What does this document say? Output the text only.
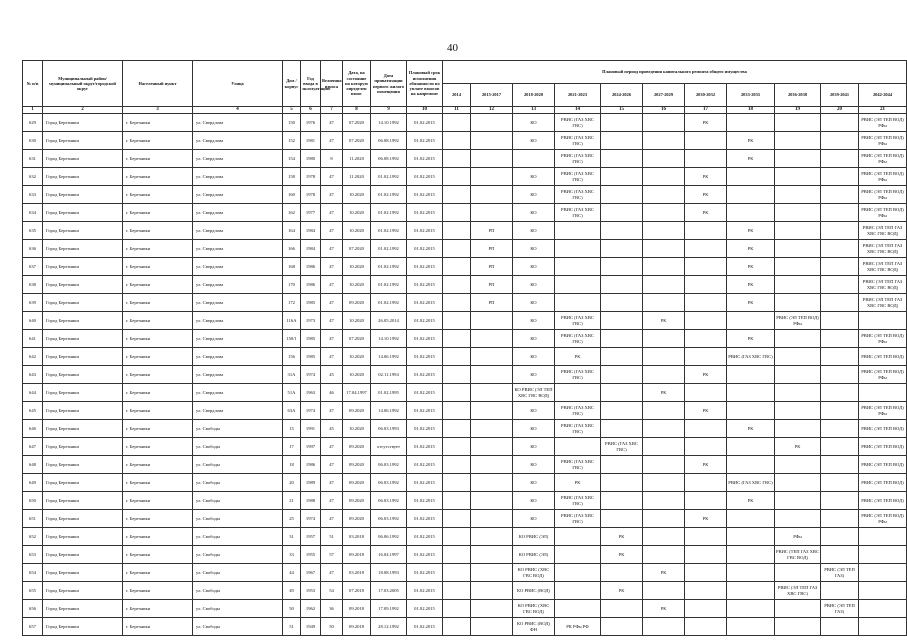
40
№ п/п	Муниципальный район/ муниципальный округ/городской округ	Населенный пункт	Улица	Дом / корпус	Год ввода в эксплуатацию	Величина износа	Дата, на состояние на которую определен износ	Дата приватизации первого жилого помещения	Плановый срок исполнения обязанности по уплате взносов на капремонт	Плановый период проведения капитального ремонта общего имущества										
										2014	2015-2017	2018-2020	2021-2023	2024-2026	2027-2029	2030-2032	2033-2035	2036-2038	2039-2041	2042-2044
1	2	3	4	5	6	7	8	9	10	11	12	13	14	15	16	17	18	19	20	21
629	Город Березники	г. Березники	ул. Свердлова	150	1976	47	07.2020	14.10.1992	01.02.2015			КО	РВИС (ГАЗ ХВС ГВС)			РК				РВИС (ЭЛ ТЕП ВОД) РФн
630	Город Березники	г. Березники	ул. Свердлова	152	1981	47	07.2020	06.08.1992	01.02.2015			КО	РВИС (ГАЗ ХВС ГВС)				РК			РВИС (ЭЛ ТЕП ВОД) РФн
631	Город Березники	г. Березники	ул. Свердлова	154	1980	8	11.2020	06.08.1992	01.02.2015				РВИС (ГАЗ ХВС ГВС)				РК			РВИС (ЭЛ ТЕП ВОД) РФн
632	Город Березники	г. Березники	ул. Свердлова	158	1978	47	11.2020	01.02.1992	01.02.2015			КО	РВИС (ГАЗ ХВС ГВС)			РК				РВИС (ЭЛ ТЕП ВОД) РФн
633	Город Березники	г. Березники	ул. Свердлова	160	1978	47	10.2020	01.02.1992	01.02.2015			КО	РВИС (ГАЗ ХВС ГВС)			РК				РВИС (ЭЛ ТЕП ВОД) РФн
634	Город Березники	г. Березники	ул. Свердлова	162	1977	47	10.2020	01.02.1992	01.02.2015			КО	РВИС (ГАЗ ХВС ГВС)			РК				РВИС (ЭЛ ТЕП ВОД) РФн
635	Город Березники	г. Березники	ул. Свердлова	164	1984	47	10.2020	01.02.1992	01.02.2015		РП	КО					РК			РВИС (ЭЛ ТЕП ГАЗ ХВС ГВС ВОД)
636	Город Березники	г. Березники	ул. Свердлова	166	1984	47	07.2020	01.02.1992	01.02.2015		РП	КО					РК			РВИС (ЭЛ ТЕП ГАЗ ХВС ГВС ВОД)
637	Город Березники	г. Березники	ул. Свердлова	168	1986	47	10.2020	01.02.1992	01.02.2015		РП	КО					РК			РВИС (ЭЛ ТЕП ГАЗ ХВС ГВС ВОД)
638	Город Березники	г. Березники	ул. Свердлова	170	1986	47	10.2020	01.02.1992	01.02.2015		РП	КО					РК			РВИС (ЭЛ ТЕП ГАЗ ХВС ГВС ВОД)
639	Город Березники	г. Березники	ул. Свердлова	172	1985	47	09.2020	01.02.1992	01.02.2015		РП	КО					РК			РВИС (ЭЛ ТЕП ГАЗ ХВС ГВС ВОД)
640	Город Березники	г. Березники	ул. Свердлова	116А	1973	47	10.2020	26.05.2014	01.02.2015			КО	РВИС (ГАЗ ХВС ГВС)		РК			РВИС (ЭЛ ТЕП ВОД) РФн		
641	Город Березники	г. Березники	ул. Свердлова	150/1	1985	47	07.2020	14.10.1992	01.02.2015			КО	РВИС (ГАЗ ХВС ГВС)				РК			РВИС (ЭЛ ТЕП ВОД) РФн
642	Город Березники	г. Березники	ул. Свердлова	156	1985	47	10.2020	14.06.1992	01.02.2015			КО	РК				РВИС (ГАЗ ХВС ГВС)			РВИС (ЭЛ ТЕП ВОД)
643	Город Березники	г. Березники	ул. Свердлова	31А	1974	45	10.2020	02.11.1994	01.02.2015			КО	РВИС (ГАЗ ХВС ГВС)			РК				РВИС (ЭЛ ТЕП ВОД) РФн
644	Город Березники	г. Березники	ул. Свердлова	51А	1963	46	17.04.1997	01.02.1995	01.02.2015			КО РВИС (ЭЛ ТЕП ХВС ГВС ВОД)			РК					
645	Город Березники	г. Березники	ул. Свердлова	63А	1974	47	09.2020	14.06.1992	01.02.2015			КО	РВИС (ГАЗ ХВС ГВС)			РК				РВИС (ЭЛ ТЕП ВОД) РФн
646	Город Березники	г. Березники	ул. Свободы	15	1991	45	10.2020	06.03.1993	01.02.2015			КО	РВИС (ГАЗ ХВС ГВС)				РК			РВИС (ЭЛ ТЕП ВОД)
647	Город Березники	г. Березники	ул. Свободы	17	1997	47	09.2020	отсутствует	01.02.2015			КО		РВИС (ГАЗ ХВС ГВС)				РК		РВИС (ЭЛ ТЕП ВОД)
648	Город Березники	г. Березники	ул. Свободы	18	1986	47	09.2020	06.03.1992	01.02.2015			КО	РВИС (ГАЗ ХВС ГВС)			РК				РВИС (ЭЛ ТЕП ВОД)
649	Город Березники	г. Березники	ул. Свободы	20	1989	47	09.2020	06.03.1992	01.02.2015			КО	РК				РВИС (ГАЗ ХВС ГВС)			РВИС (ЭЛ ТЕП ВОД)
650	Город Березники	г. Березники	ул. Свободы	21	1988	47	09.2020	06.03.1992	01.02.2015			КО	РВИС (ГАЗ ХВС ГВС)				РК			РВИС (ЭЛ ТЕП ВОД)
651	Город Березники	г. Березники	ул. Свободы	25	1974	47	09.2020	06.03.1992	01.02.2015			КО	РВИС (ГАЗ ХВС ГВС)			РК				РВИС (ЭЛ ТЕП ВОД) РФн
652	Город Березники	г. Березники	ул. Свободы	31	1957	51	03.2018	06.06.1992	01.02.2015			КО РВИС (ЭЛ)		РК				РФн		
653	Город Березники	г. Березники	ул. Свободы	33	1955	57	09.2018	16.04.1997	01.02.2015			КО РВИС (ЭЛ)		РК				РВИС (ТЕП ГАЗ ХВС ГВС ВОД)		
654	Город Березники	г. Березники	ул. Свободы	44	1967	47	03.2018	18.08.1993	01.02.2015			КО РВИС (ХВС ГВС ВОД)			РК				РВИС (ЭЛ ТЕП ГАЗ)	
655	Город Березники	г. Березники	ул. Свободы	49	1953	54	07.2018	17.03.2005	01.02.2015			КО РВИС (ВОД)		РК				РВИС (ЭЛ ТЕП ГАЗ ХВС ГВС)		
656	Город Березники	г. Березники	ул. Свободы	50	1962	36	09.2018	17.09.1992	01.02.2015			КО РВИС (ХВС ГВС ВОД)			РК				РВИС (ЭЛ ТЕП ГАЗ)	
657	Город Березники	г. Березники	ул. Свободы	51	1949	50	09.2018	28.12.1992	01.02.2015			КО РВИС (ВОД) ФН	РК РФн РФ							
